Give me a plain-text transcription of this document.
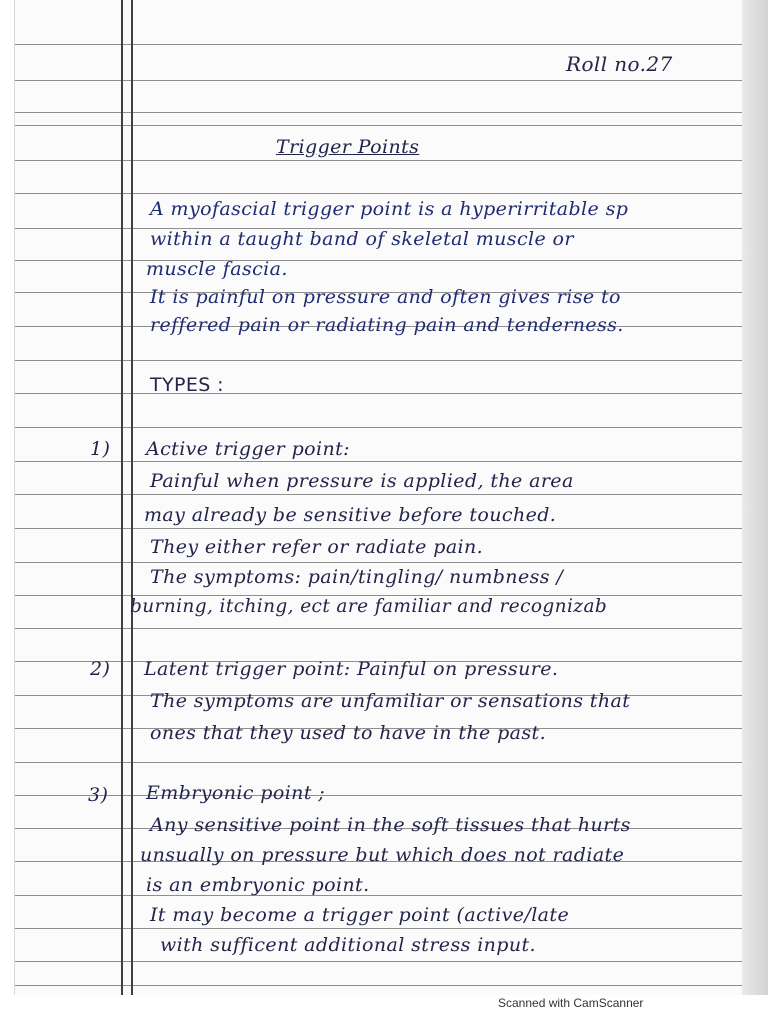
Roll no.27
Trigger Points
A myofascial trigger point is a hyperirritable sp
within a taught band of skeletal muscle or
muscle fascia.
It is painful on pressure and often gives rise to
reffered pain or radiating pain and tenderness.
TYPES :
1) Active trigger point:
Painful when pressure is applied, the area
may already be sensitive before touched.
They either refer or radiate pain.
The symptoms: pain/tingling/ numbness /
burning, itching, ect are familiar and recognizab
2) Latent trigger point: Painful on pressure.
The symptoms are unfamiliar or sensations that
ones that they used to have in the past.
3) Embryonic point ;
Any sensitive point in the soft tissues that hurts
unsually on pressure but which does not radiate
is an embryonic point.
It may become a trigger point (active/late
with sufficent additional stress input.
Scanned with CamScanner
